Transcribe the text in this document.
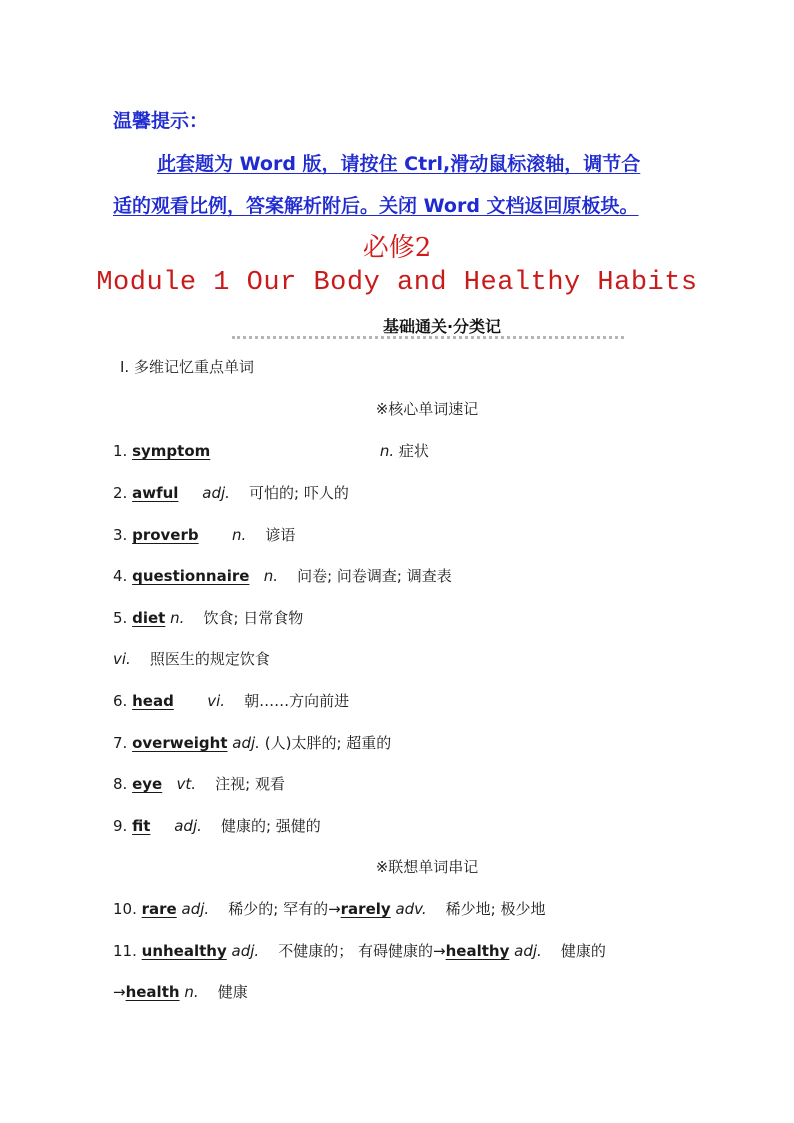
温馨提示：
此套题为 Word 版，请按住 Ctrl,滑动鼠标滚轴，调节合
适的观看比例，答案解析附后。关闭 Word 文档返回原板块。
必修2
Module 1 Our Body and Healthy Habits
基础通关·分类记
Ⅰ. 多维记忆重点单词
※核心单词速记
1. symptom	n. 症状
2. awful adj. 可怕的; 吓人的
3. proverb n. 谚语
4. questionnaire n. 问卷; 问卷调查; 调查表
5. diet n. 饮食; 日常食物
vi. 照医生的规定饮食
6. head vi. 朝……方向前进
7. overweight adj. (人)太胖的; 超重的
8. eye vt. 注视; 观看
9. fit adj. 健康的; 强健的
※联想单词串记
10. rare adj. 稀少的; 罕有的→rarely adv. 稀少地; 极少地
11. unhealthy adj. 不健康的； 有碍健康的→healthy adj. 健康的
→health n. 健康
